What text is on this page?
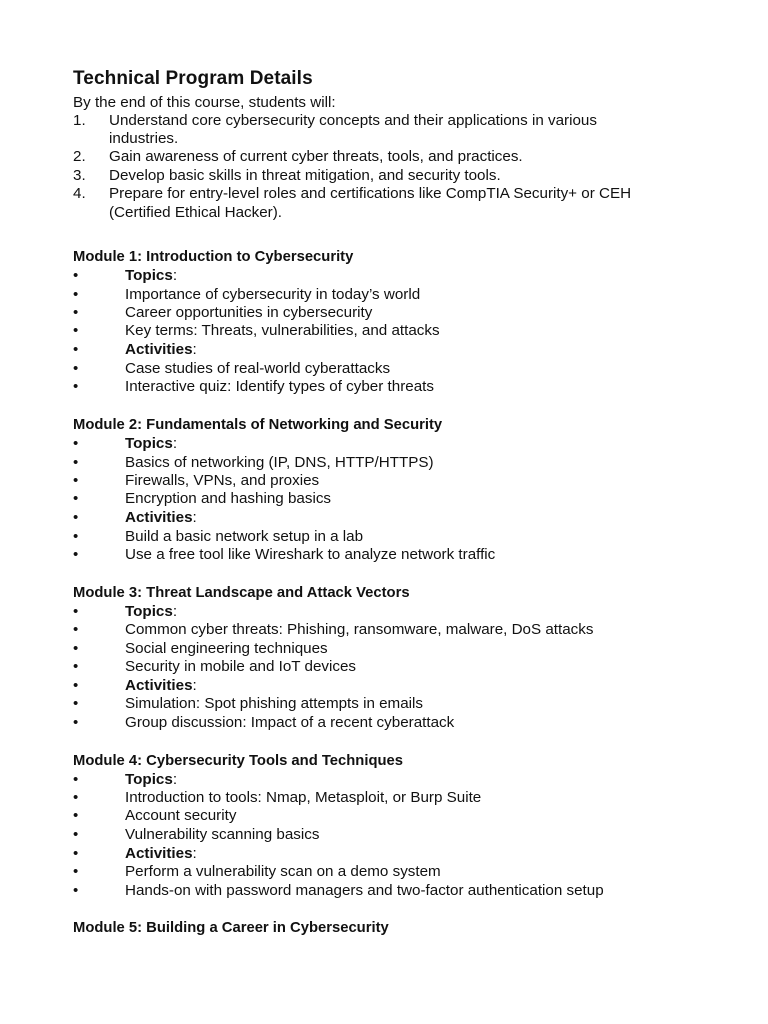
Technical Program Details
By the end of this course, students will:
1. Understand core cybersecurity concepts and their applications in various
industries.
2. Gain awareness of current cyber threats, tools, and practices.
3. Develop basic skills in threat mitigation, and security tools.
4. Prepare for entry-level roles and certifications like CompTIA Security+ or CEH
(Certified Ethical Hacker).
Module 1: Introduction to Cybersecurity
•	Topics:
•	Importance of cybersecurity in today’s world
•	Career opportunities in cybersecurity
•	Key terms: Threats, vulnerabilities, and attacks
•	Activities:
•	Case studies of real-world cyberattacks
•	Interactive quiz: Identify types of cyber threats
Module 2: Fundamentals of Networking and Security
•	Topics:
•	Basics of networking (IP, DNS, HTTP/HTTPS)
•	Firewalls, VPNs, and proxies
•	Encryption and hashing basics
•	Activities:
•	Build a basic network setup in a lab
•	Use a free tool like Wireshark to analyze network traffic
Module 3: Threat Landscape and Attack Vectors
•	Topics:
•	Common cyber threats: Phishing, ransomware, malware, DoS attacks
•	Social engineering techniques
•	Security in mobile and IoT devices
•	Activities:
•	Simulation: Spot phishing attempts in emails
•	Group discussion: Impact of a recent cyberattack
Module 4: Cybersecurity Tools and Techniques
•	Topics:
•	Introduction to tools: Nmap, Metasploit, or Burp Suite
•	Account security
•	Vulnerability scanning basics
•	Activities:
•	Perform a vulnerability scan on a demo system
•	Hands-on with password managers and two-factor authentication setup
Module 5: Building a Career in Cybersecurity
